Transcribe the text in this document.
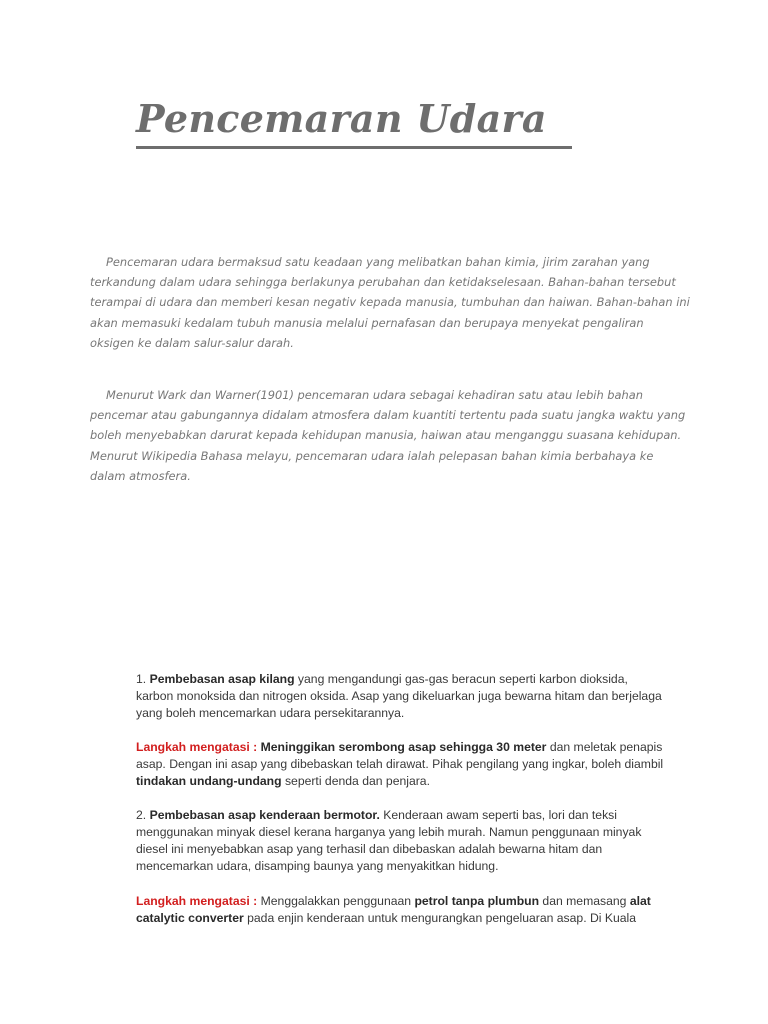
Pencemaran Udara

Pencemaran udara bermaksud satu keadaan yang melibatkan bahan kimia, jirim zarahan yang terkandung dalam udara sehingga berlakunya perubahan dan ketidakselesaan. Bahan-bahan tersebut terampai di udara dan memberi kesan negativ kepada manusia, tumbuhan dan haiwan. Bahan-bahan ini akan memasuki kedalam tubuh manusia melalui pernafasan dan berupaya menyekat pengaliran oksigen ke dalam salur-salur darah.

Menurut Wark dan Warner(1901) pencemaran udara sebagai kehadiran satu atau lebih bahan pencemar atau gabungannya didalam atmosfera dalam kuantiti tertentu pada suatu jangka waktu yang boleh menyebabkan darurat kepada kehidupan manusia, haiwan atau menganggu suasana kehidupan. Menurut Wikipedia Bahasa melayu, pencemaran udara ialah pelepasan bahan kimia berbahaya ke dalam atmosfera.

1. Pembebasan asap kilang yang mengandungi gas-gas beracun seperti karbon dioksida, karbon monoksida dan nitrogen oksida. Asap yang dikeluarkan juga bewarna hitam dan berjelaga yang boleh mencemarkan udara persekitarannya.

Langkah mengatasi : Meninggikan serombong asap sehingga 30 meter dan meletak penapis asap. Dengan ini asap yang dibebaskan telah dirawat. Pihak pengilang yang ingkar, boleh diambil tindakan undang-undang seperti denda dan penjara.

2. Pembebasan asap kenderaan bermotor. Kenderaan awam seperti bas, lori dan teksi menggunakan minyak diesel kerana harganya yang lebih murah. Namun penggunaan minyak diesel ini menyebabkan asap yang terhasil dan dibebaskan adalah bewarna hitam dan mencemarkan udara, disamping baunya yang menyakitkan hidung.

Langkah mengatasi : Menggalakkan penggunaan petrol tanpa plumbun dan memasang alat catalytic converter pada enjin kenderaan untuk mengurangkan pengeluaran asap. Di Kuala
